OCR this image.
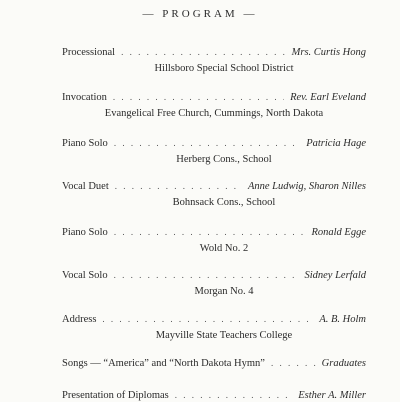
— PROGRAM —
Processional . . .	Mrs. Curtis Hong
Hillsboro Special School District
Invocation . . .	Rev. Earl Eveland
Evangelical Free Church, Cummings, North Dakota
Piano Solo . . .	Patricia Hage
Herberg Cons., School
Vocal Duet . . .	Anne Ludwig, Sharon Nilles
Bohnsack Cons., School
Piano Solo . . .	Ronald Egge
Wold No. 2
Vocal Solo . . .	Sidney Lerfald
Morgan No. 4
Address . . .	A. B. Holm
Mayville State Teachers College
Songs — “America” and “North Dakota Hymn” . . .	Graduates
Presentation of Diplomas . . .	Esther A. Miller
